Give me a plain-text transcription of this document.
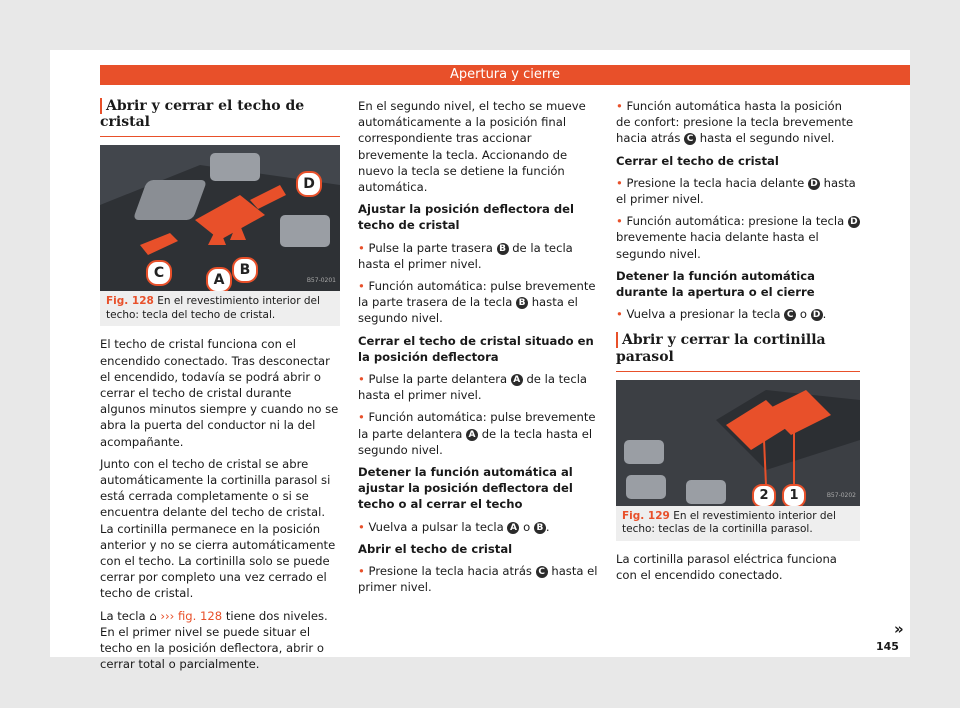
Apertura y cierre
Abrir y cerrar el techo de cristal
D
C	A
B
B57-0201
Fig. 128 En el revestimiento interior del techo: tecla del techo de cristal.

El techo de cristal funciona con el encendido conectado. Tras desconectar el encendido, todavía se podrá abrir o cerrar el techo de cristal durante algunos minutos siempre y cuando no se abra la puerta del conductor ni la del acompañante.

Junto con el techo de cristal se abre automáticamente la cortinilla parasol si está cerrada completamente o si se encuentra delante del techo de cristal. La cortinilla permanece en la posición anterior y no se cierra automáticamente con el techo. La cortinilla solo se puede cerrar por completo una vez cerrado el techo de cristal.

La tecla ⌂ ››› fig. 128 tiene dos niveles. En el primer nivel se puede situar el techo en la posición deflectora, abrir o cerrar total o parcialmente.

En el segundo nivel, el techo se mueve automáticamente a la posición final correspondiente tras accionar brevemente la tecla. Accionando de nuevo la tecla se detiene la función automática.

Ajustar la posición deflectora del techo de cristal

• Pulse la parte trasera B de la tecla hasta el primer nivel.

• Función automática: pulse brevemente la parte trasera de la tecla B hasta el segundo nivel.

Cerrar el techo de cristal situado en la posición deflectora

• Pulse la parte delantera A de la tecla hasta el primer nivel.

• Función automática: pulse brevemente la parte delantera A de la tecla hasta el segundo nivel.

Detener la función automática al ajustar la posición deflectora del techo o al cerrar el techo

• Vuelva a pulsar la tecla A o B .

Abrir el techo de cristal

• Presione la tecla hacia atrás C hasta el primer nivel.

• Función automática hasta la posición de confort: presione la tecla brevemente hacia atrás C hasta el segundo nivel.

Cerrar el techo de cristal

• Presione la tecla hacia delante D hasta el primer nivel.

• Función automática: presione la tecla D brevemente hacia delante hasta el segundo nivel.

Detener la función automática durante la apertura o el cierre

• Vuelva a presionar la tecla C o D .

Abrir y cerrar la cortinilla parasol
2	1	B57-0202
Fig. 129 En el revestimiento interior del techo: teclas de la cortinilla parasol.

La cortinilla parasol eléctrica funciona con el encendido conectado.

»
145
